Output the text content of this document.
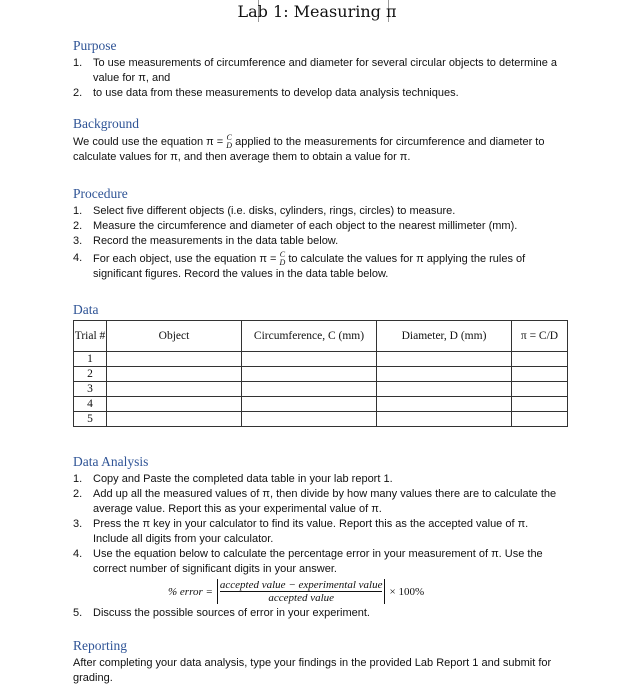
Lab 1: Measuring π
Purpose
1. To use measurements of circumference and diameter for several circular objects to determine a value for π, and
2. to use data from these measurements to develop data analysis techniques.
Background

We could use the equation π = C
D applied to the measurements for circumference and diameter to calculate values for π, and then average them to obtain a value for π.

Procedure
1. Select five different objects (i.e. disks, cylinders, rings, circles) to measure.
2. Measure the circumference and diameter of each object to the nearest millimeter (mm).
3. Record the measurements in the data table below.
4. For each object, use the equation π = C
D to calculate the values for π applying the rules of significant figures. Record the values in the data table below.
Data
Trial #	Object	Circumference, C (mm)	Diameter, D (mm)	π = C/D
1				
2				
3				
4				
5				
Data Analysis
1. Copy and Paste the completed data table in your lab report 1.
2. Add up all the measured values of π, then divide by how many values there are to calculate the average value. Report this as your experimental value of π.
3. Press the π key in your calculator to find its value. Report this as the accepted value of π. Include all digits from your calculator.
4. Use the equation below to calculate the percentage error in your measurement of π. Use the correct number of significant digits in your answer.
% error =
accepted value − experimental value
accepted value
× 100%
5. Discuss the possible sources of error in your experiment.
Reporting

After completing your data analysis, type your findings in the provided Lab Report 1 and submit for grading.
